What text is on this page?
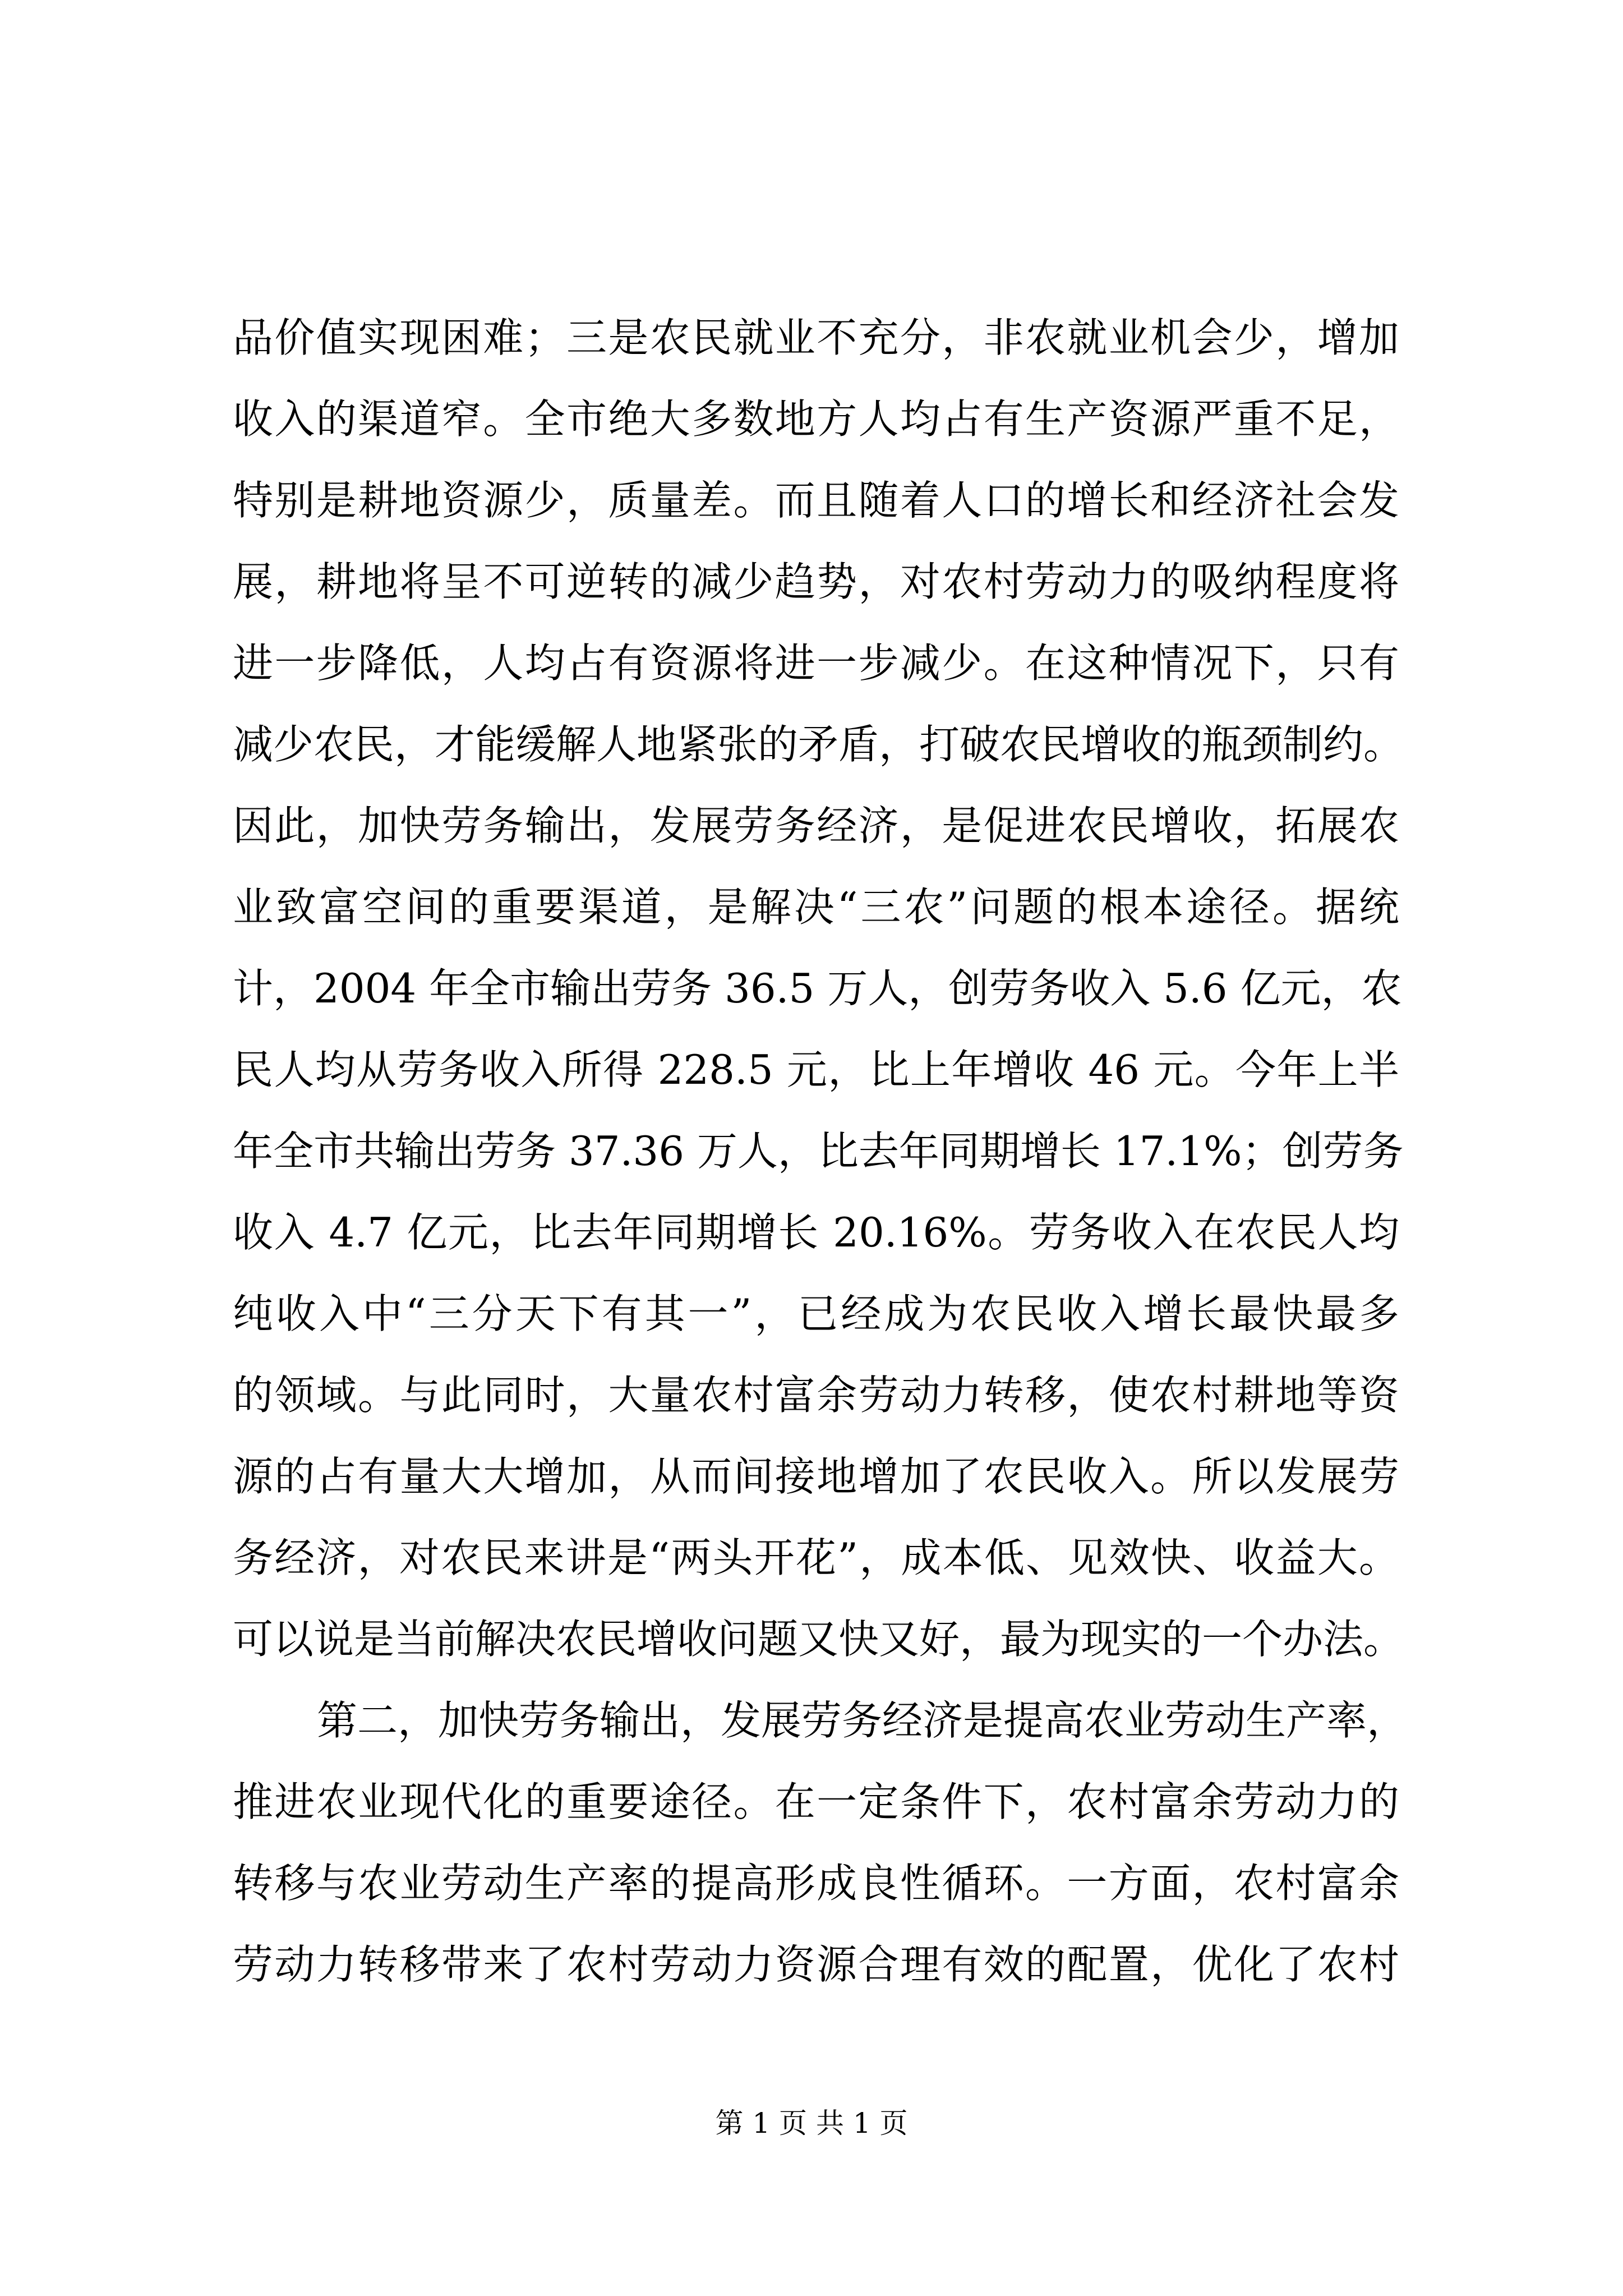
品价值实现困难；三是农民就业不充分，非农就业机会少，增加
收入的渠道窄。全市绝大多数地方人均占有生产资源严重不足，
特别是耕地资源少，质量差。而且随着人口的增长和经济社会发
展，耕地将呈不可逆转的减少趋势，对农村劳动力的吸纳程度将
进一步降低，人均占有资源将进一步减少。在这种情况下，只有
减少农民，才能缓解人地紧张的矛盾，打破农民增收的瓶颈制约。
因此，加快劳务输出，发展劳务经济，是促进农民增收，拓展农
业致富空间的重要渠道，是解决“三农”问题的根本途径。据统
计，2004 年全市输出劳务 36.5 万人，创劳务收入 5.6 亿元，农
民人均从劳务收入所得 228.5 元，比上年增收 46 元。今年上半
年全市共输出劳务 37.36 万人，比去年同期增长 17.1%；创劳务
收入 4.7 亿元，比去年同期增长 20.16%。劳务收入在农民人均
纯收入中“三分天下有其一”，已经成为农民收入增长最快最多
的领域。与此同时，大量农村富余劳动力转移，使农村耕地等资
源的占有量大大增加，从而间接地增加了农民收入。所以发展劳
务经济，对农民来讲是“两头开花”，成本低、见效快、收益大。
可以说是当前解决农民增收问题又快又好，最为现实的一个办法。
第二，加快劳务输出，发展劳务经济是提高农业劳动生产率，
推进农业现代化的重要途径。在一定条件下，农村富余劳动力的
转移与农业劳动生产率的提高形成良性循环。一方面，农村富余
劳动力转移带来了农村劳动力资源合理有效的配置，优化了农村
第 1 页 共 1 页
